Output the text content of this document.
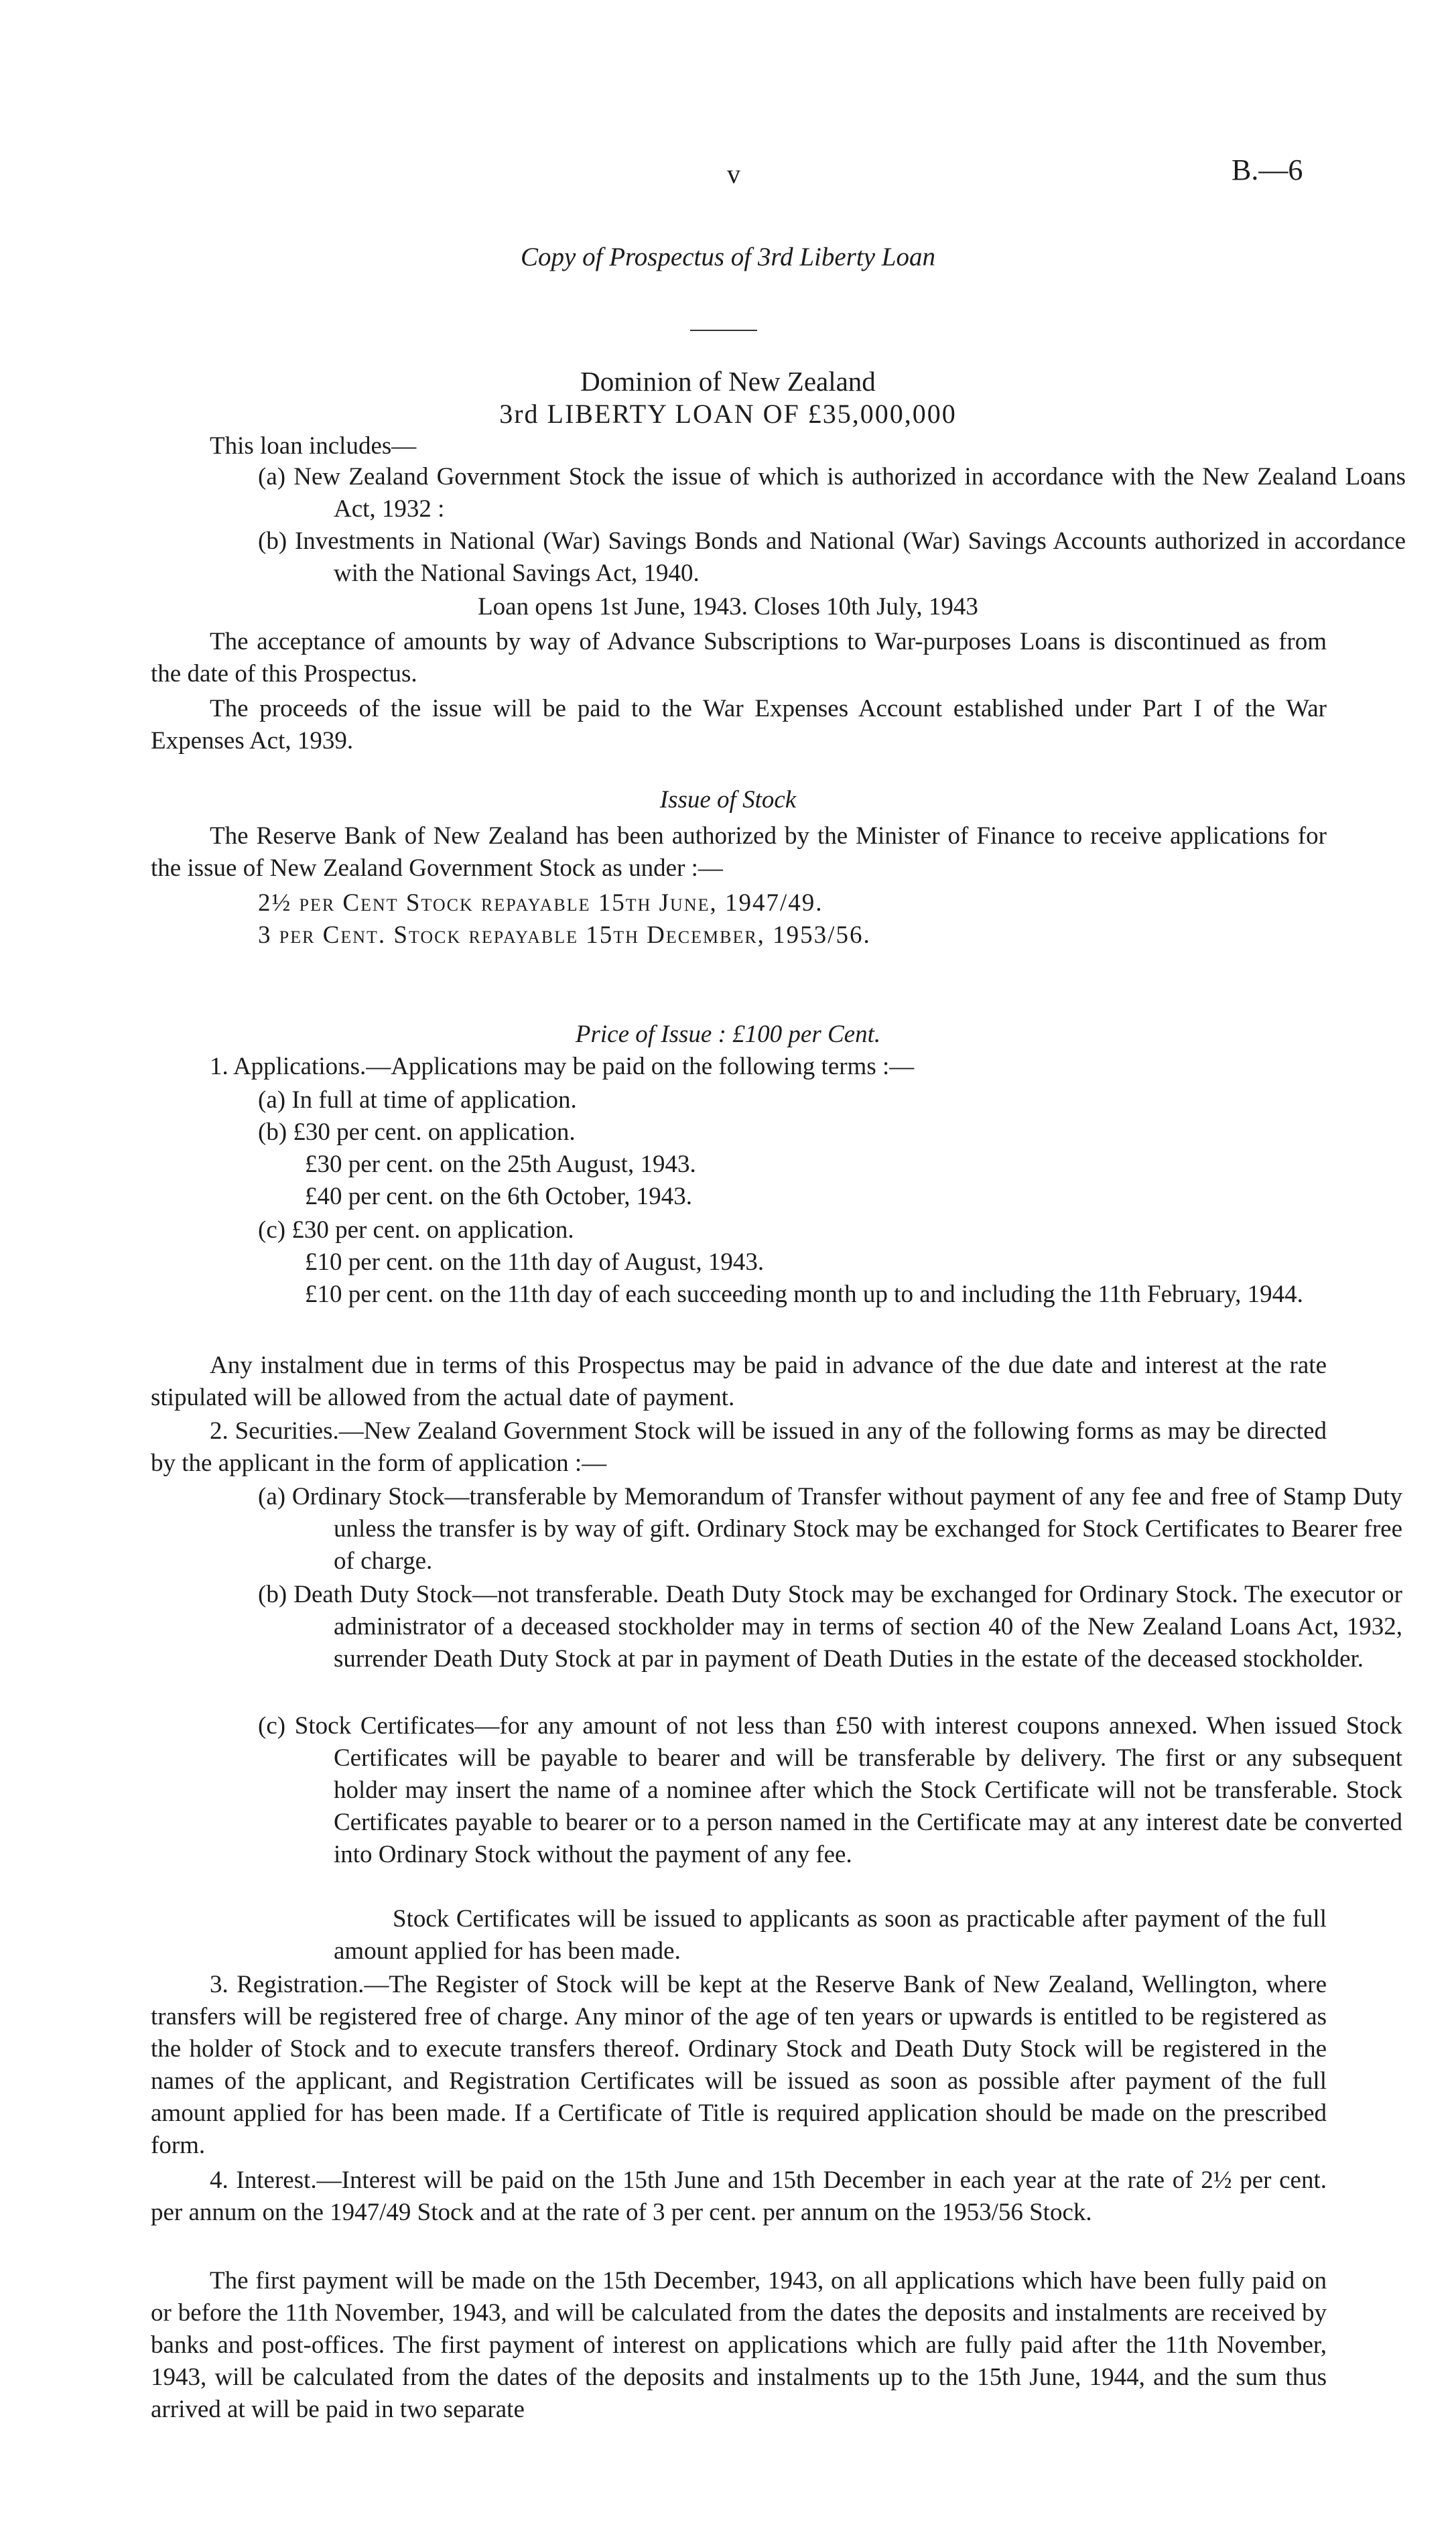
v	B.—6

Copy of Prospectus of 3rd Liberty Loan

Dominion of New Zealand

3rd LIBERTY LOAN OF £35,000,000

This loan includes—

(a) New Zealand Government Stock the issue of which is authorized in accordance with the New Zealand Loans Act, 1932 :

(b) Investments in National (War) Savings Bonds and National (War) Savings Accounts authorized in accordance with the National Savings Act, 1940.

Loan opens 1st June, 1943. Closes 10th July, 1943

The acceptance of amounts by way of Advance Subscriptions to War-purposes Loans is discontinued as from the date of this Prospectus.

The proceeds of the issue will be paid to the War Expenses Account established under Part I of the War Expenses Act, 1939.

Issue of Stock

The Reserve Bank of New Zealand has been authorized by the Minister of Finance to receive applications for the issue of New Zealand Government Stock as under :—

2½ per Cent Stock repayable 15th June, 1947/49.

3 per Cent. Stock repayable 15th December, 1953/56.

Price of Issue : £100 per Cent.

1. Applications.—Applications may be paid on the following terms :—

(a) In full at time of application.

(b) £30 per cent. on application.

£30 per cent. on the 25th August, 1943.

£40 per cent. on the 6th October, 1943.

(c) £30 per cent. on application.

£10 per cent. on the 11th day of August, 1943.

£10 per cent. on the 11th day of each succeeding month up to and including the 11th February, 1944.

Any instalment due in terms of this Prospectus may be paid in advance of the due date and interest at the rate stipulated will be allowed from the actual date of payment.

2. Securities.—New Zealand Government Stock will be issued in any of the following forms as may be directed by the applicant in the form of application :—

(a) Ordinary Stock—transferable by Memorandum of Transfer without payment of any fee and free of Stamp Duty unless the transfer is by way of gift. Ordinary Stock may be exchanged for Stock Certificates to Bearer free of charge.

(b) Death Duty Stock—not transferable. Death Duty Stock may be exchanged for Ordinary Stock. The executor or administrator of a deceased stockholder may in terms of section 40 of the New Zealand Loans Act, 1932, surrender Death Duty Stock at par in payment of Death Duties in the estate of the deceased stockholder.

(c) Stock Certificates—for any amount of not less than £50 with interest coupons annexed. When issued Stock Certificates will be payable to bearer and will be transferable by delivery. The first or any subsequent holder may insert the name of a nominee after which the Stock Certificate will not be transferable. Stock Certificates payable to bearer or to a person named in the Certificate may at any interest date be converted into Ordinary Stock without the payment of any fee.

Stock Certificates will be issued to applicants as soon as practicable after payment of the full amount applied for has been made.

3. Registration.—The Register of Stock will be kept at the Reserve Bank of New Zealand, Wellington, where transfers will be registered free of charge. Any minor of the age of ten years or upwards is entitled to be registered as the holder of Stock and to execute transfers thereof. Ordinary Stock and Death Duty Stock will be registered in the names of the applicant, and Registration Certificates will be issued as soon as possible after payment of the full amount applied for has been made. If a Certificate of Title is required application should be made on the prescribed form.

4. Interest.—Interest will be paid on the 15th June and 15th December in each year at the rate of 2½ per cent. per annum on the 1947/49 Stock and at the rate of 3 per cent. per annum on the 1953/56 Stock.

The first payment will be made on the 15th December, 1943, on all applications which have been fully paid on or before the 11th November, 1943, and will be calculated from the dates the deposits and instalments are received by banks and post-offices. The first payment of interest on applications which are fully paid after the 11th November, 1943, will be calculated from the dates of the deposits and instalments up to the 15th June, 1944, and the sum thus arrived at will be paid in two separate
